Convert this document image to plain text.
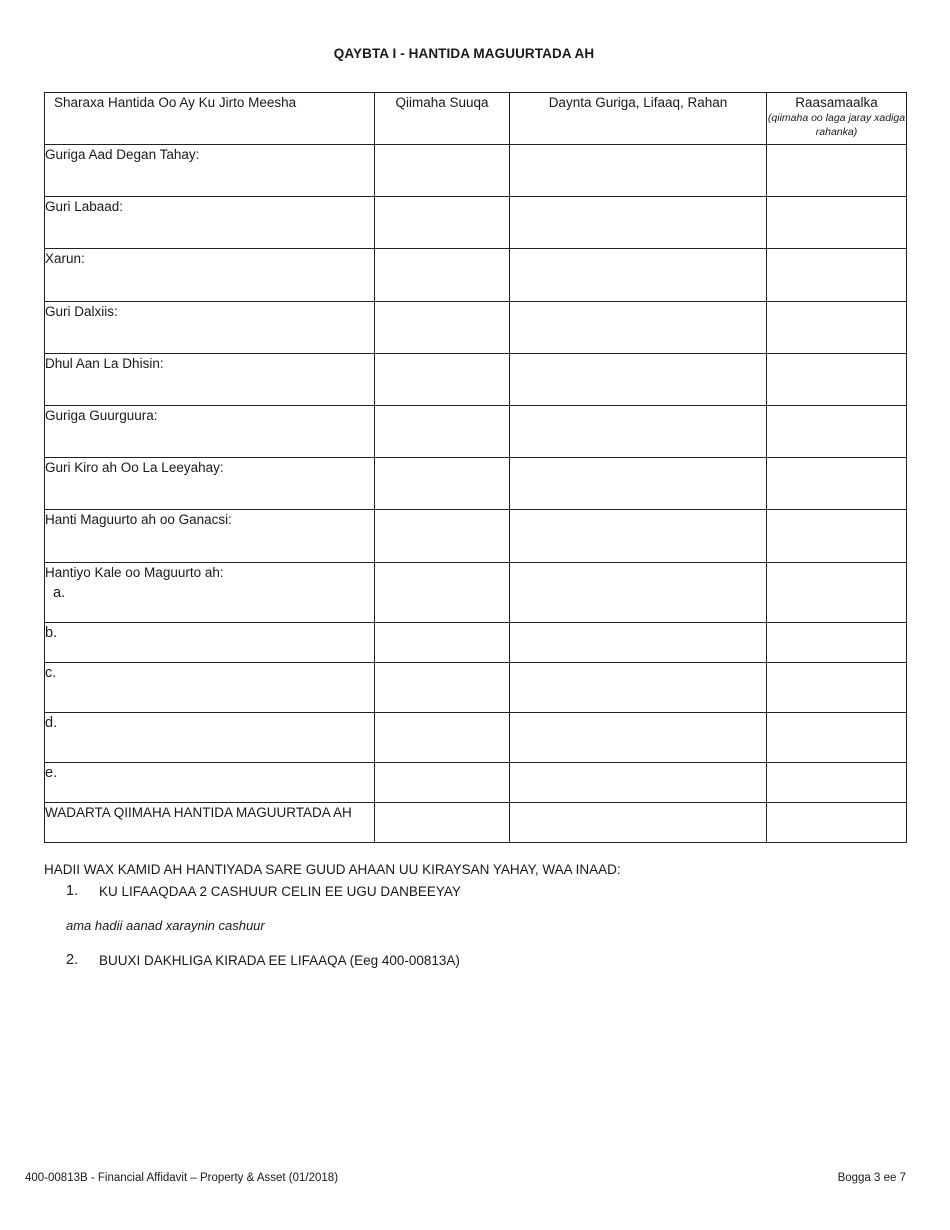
QAYBTA I - HANTIDA MAGUURTADA AH
Sharaxa Hantida Oo Ay Ku Jirto Meesha	Qiimaha Suuqa	Daynta Guriga, Lifaaq, Rahan	Raasamaalka
(qiimaha oo laga jaray xadiga rahanka)

Guriga Aad Degan Tahay:			
Guri Labaad:			
Xarun:			
Guri Dalxiis:			
Dhul Aan La Dhisin:			
Guriga Guurguura:			
Guri Kiro ah Oo La Leeyahay:			
Hanti Maguurto ah oo Ganacsi:			
Hantiyo Kale oo Maguurto ah:
a.			

b.			
c.			
d.			
e.			
WADARTA QIIMAHA HANTIDA MAGUURTADA AH			
HADII WAX KAMID AH HANTIYADA SARE GUUD AHAAN UU KIRAYSAN YAHAY, WAA INAAD:
1. KU LIFAAQDAA 2 CASHUUR CELIN EE UGU DANBEEYAY
ama hadii aanad xaraynin cashuur
2. BUUXI DAKHLIGA KIRADA EE LIFAAQA (Eeg 400-00813A)
400-00813B - Financial Affidavit – Property & Asset (01/2018)	Bogga 3 ee 7
